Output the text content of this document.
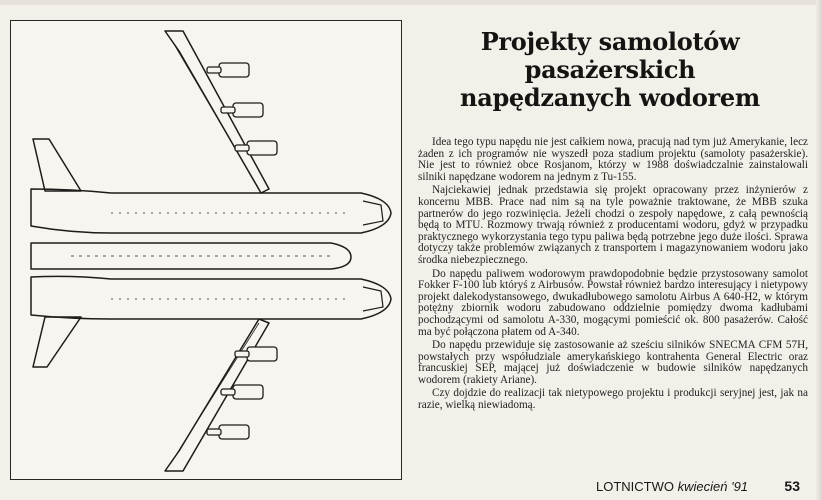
Projekty samolotów
pasażerskich
napędzanych wodorem

Idea tego typu napędu nie jest całkiem nowa, pracują nad tym już Amerykanie, lecz żaden z ich programów nie wyszedł poza stadium projektu (samoloty pasażerskie). Nie jest to również obce Rosjanom, którzy w 1988 doświadczalnie zainstalowali silniki napędzane wodorem na jednym z Tu-155.

Najciekawiej jednak przedstawia się projekt opracowany przez inżynierów z koncernu MBB. Prace nad nim są na tyle poważnie traktowane, że MBB szuka partnerów do jego rozwinięcia. Jeżeli chodzi o zespoły napędowe, z całą pewnością będą to MTU. Rozmowy trwają również z producentami wodoru, gdyż w przypadku praktycznego wykorzystania tego typu paliwa będą potrzebne jego duże ilości. Sprawa dotyczy także problemów związanych z transportem i magazynowaniem wodoru jako środka niebezpiecznego.

Do napędu paliwem wodorowym prawdopodobnie będzie przystosowany samolot Fokker F-100 lub któryś z Airbusów. Powstał również bardzo interesujący i nietypowy projekt dalekodystansowego, dwukadłubowego samolotu Airbus A 640-H2, w którym potężny zbiornik wodoru zabudowano oddzielnie pomiędzy dwoma kadłubami pochodzącymi od samolotu A-330, mogącymi pomieścić ok. 800 pasażerów. Całość ma być połączona płatem od A-340.

Do napędu przewiduje się zastosowanie aż sześciu silników SNECMA CFM 57H, powstałych przy współudziale amerykańskiego kontrahenta General Electric oraz francuskiej SEP, mającej już doświadczenie w budowie silników napędzanych wodorem (rakiety Ariane).

Czy dojdzie do realizacji tak nietypowego projektu i produkcji seryjnej jest, jak na razie, wielką niewiadomą.

LOTNICTWO kwiecień '91	53
